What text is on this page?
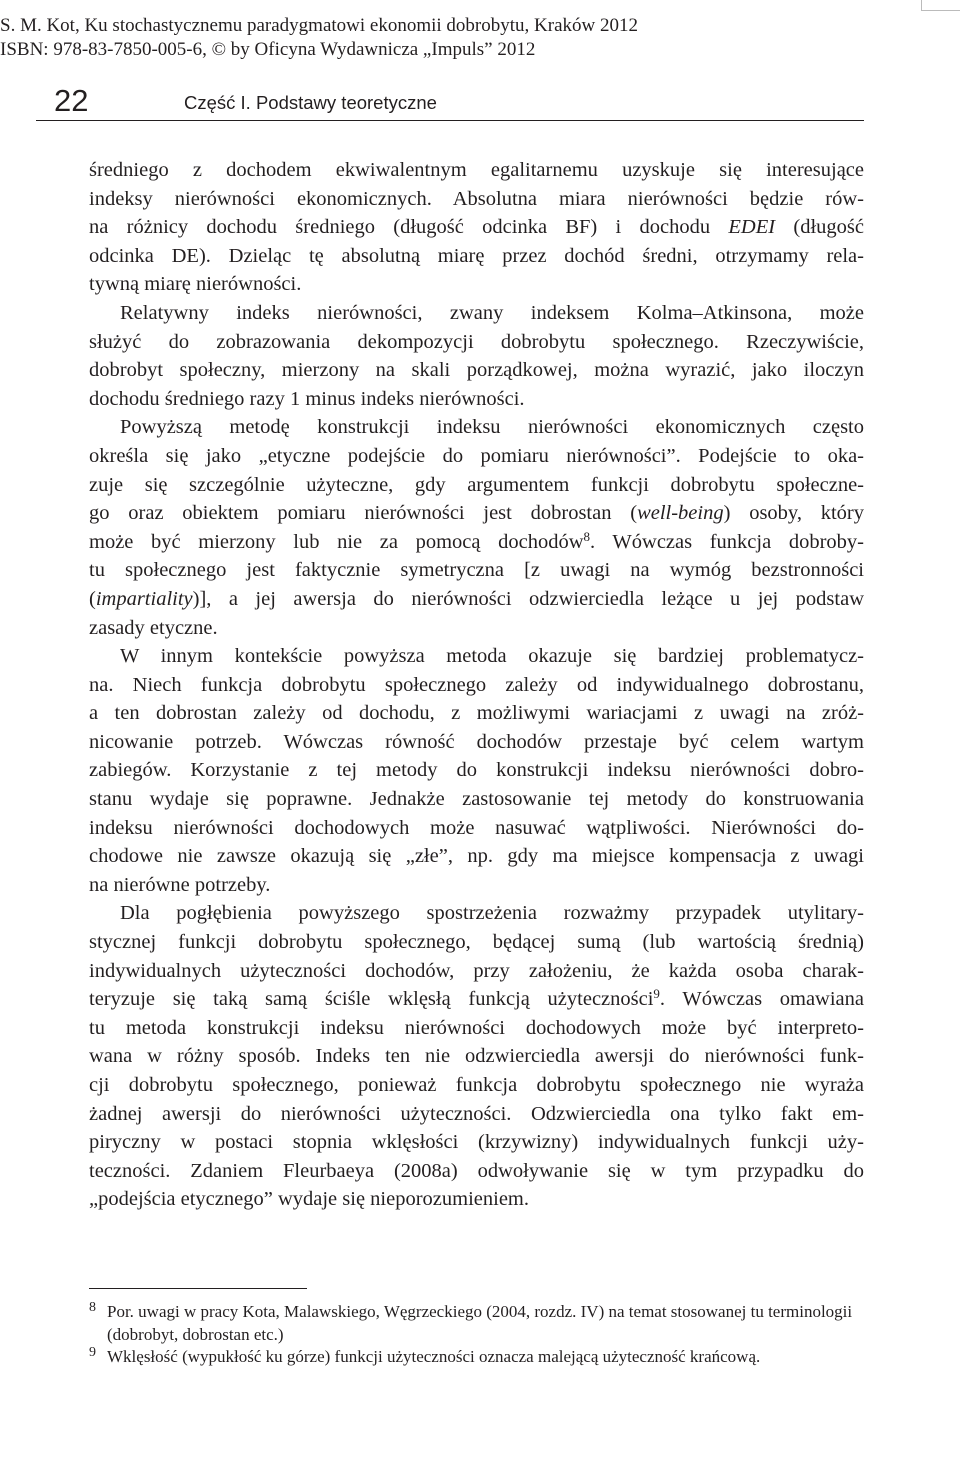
S. M. Kot, Ku stochastycznemu paradygmatowi ekonomii dobrobytu, Kraków 2012
ISBN: 978-83-7850-005-6, © by Oficyna Wydawnicza „Impuls” 2012
22	Część I. Podstawy teoretyczne
średniego z dochodem ekwiwalentnym egalitarnemu uzyskuje się interesujące
indeksy nierówności ekonomicznych. Absolutna miara nierówności będzie rów-
na różnicy dochodu średniego (długość odcinka BF) i dochodu EDEI (długość
odcinka DE). Dzieląc tę absolutną miarę przez dochód średni, otrzymamy rela-
tywną miarę nierówności.
Relatywny indeks nierówności, zwany indeksem Kolma–Atkinsona, może
służyć do zobrazowania dekompozycji dobrobytu społecznego. Rzeczywiście,
dobrobyt społeczny, mierzony na skali porządkowej, można wyrazić, jako iloczyn
dochodu średniego razy 1 minus indeks nierówności.
Powyższą metodę konstrukcji indeksu nierówności ekonomicznych często
określa się jako „etyczne podejście do pomiaru nierówności”. Podejście to oka-
zuje się szczególnie użyteczne, gdy argumentem funkcji dobrobytu społeczne-
go oraz obiektem pomiaru nierówności jest dobrostan (well-being) osoby, który
może być mierzony lub nie za pomocą dochodów$^8$. Wówczas funkcja dobroby-
tu społecznego jest faktycznie symetryczna [z uwagi na wymóg bezstronności
(impartiality)], a jej awersja do nierówności odzwierciedla leżące u jej podstaw
zasady etyczne.
W innym kontekście powyższa metoda okazuje się bardziej problematycz-
na. Niech funkcja dobrobytu społecznego zależy od indywidualnego dobrostanu,
a ten dobrostan zależy od dochodu, z możliwymi wariacjami z uwagi na zróż-
nicowanie potrzeb. Wówczas równość dochodów przestaje być celem wartym
zabiegów. Korzystanie z tej metody do konstrukcji indeksu nierówności dobro-
stanu wydaje się poprawne. Jednakże zastosowanie tej metody do konstruowania
indeksu nierówności dochodowych może nasuwać wątpliwości. Nierówności do-
chodowe nie zawsze okazują się „złe”, np. gdy ma miejsce kompensacja z uwagi
na nierówne potrzeby.
Dla pogłębienia powyższego spostrzeżenia rozważmy przypadek utylitary-
stycznej funkcji dobrobytu społecznego, będącej sumą (lub wartością średnią)
indywidualnych użyteczności dochodów, przy założeniu, że każda osoba charak-
teryzuje się taką samą ściśle wklęsłą funkcją użyteczności$^9$. Wówczas omawiana
tu metoda konstrukcji indeksu nierówności dochodowych może być interpreto-
wana w różny sposób. Indeks ten nie odzwierciedla awersji do nierówności funk-
cji dobrobytu społecznego, ponieważ funkcja dobrobytu społecznego nie wyraża
żadnej awersji do nierówności użyteczności. Odzwierciedla ona tylko fakt em-
piryczny w postaci stopnia wklęsłości (krzywizny) indywidualnych funkcji uży-
teczności. Zdaniem Fleurbaeya (2008a) odwoływanie się w tym przypadku do
„podejścia etycznego” wydaje się nieporozumieniem.
8 Por. uwagi w pracy Kota, Malawskiego, Węgrzeckiego (2004, rozdz. IV) na temat stosowanej tu terminologii (dobrobyt, dobrostan etc.)
9 Wklęsłość (wypukłość ku górze) funkcji użyteczności oznacza malejącą użyteczność krańcową.
